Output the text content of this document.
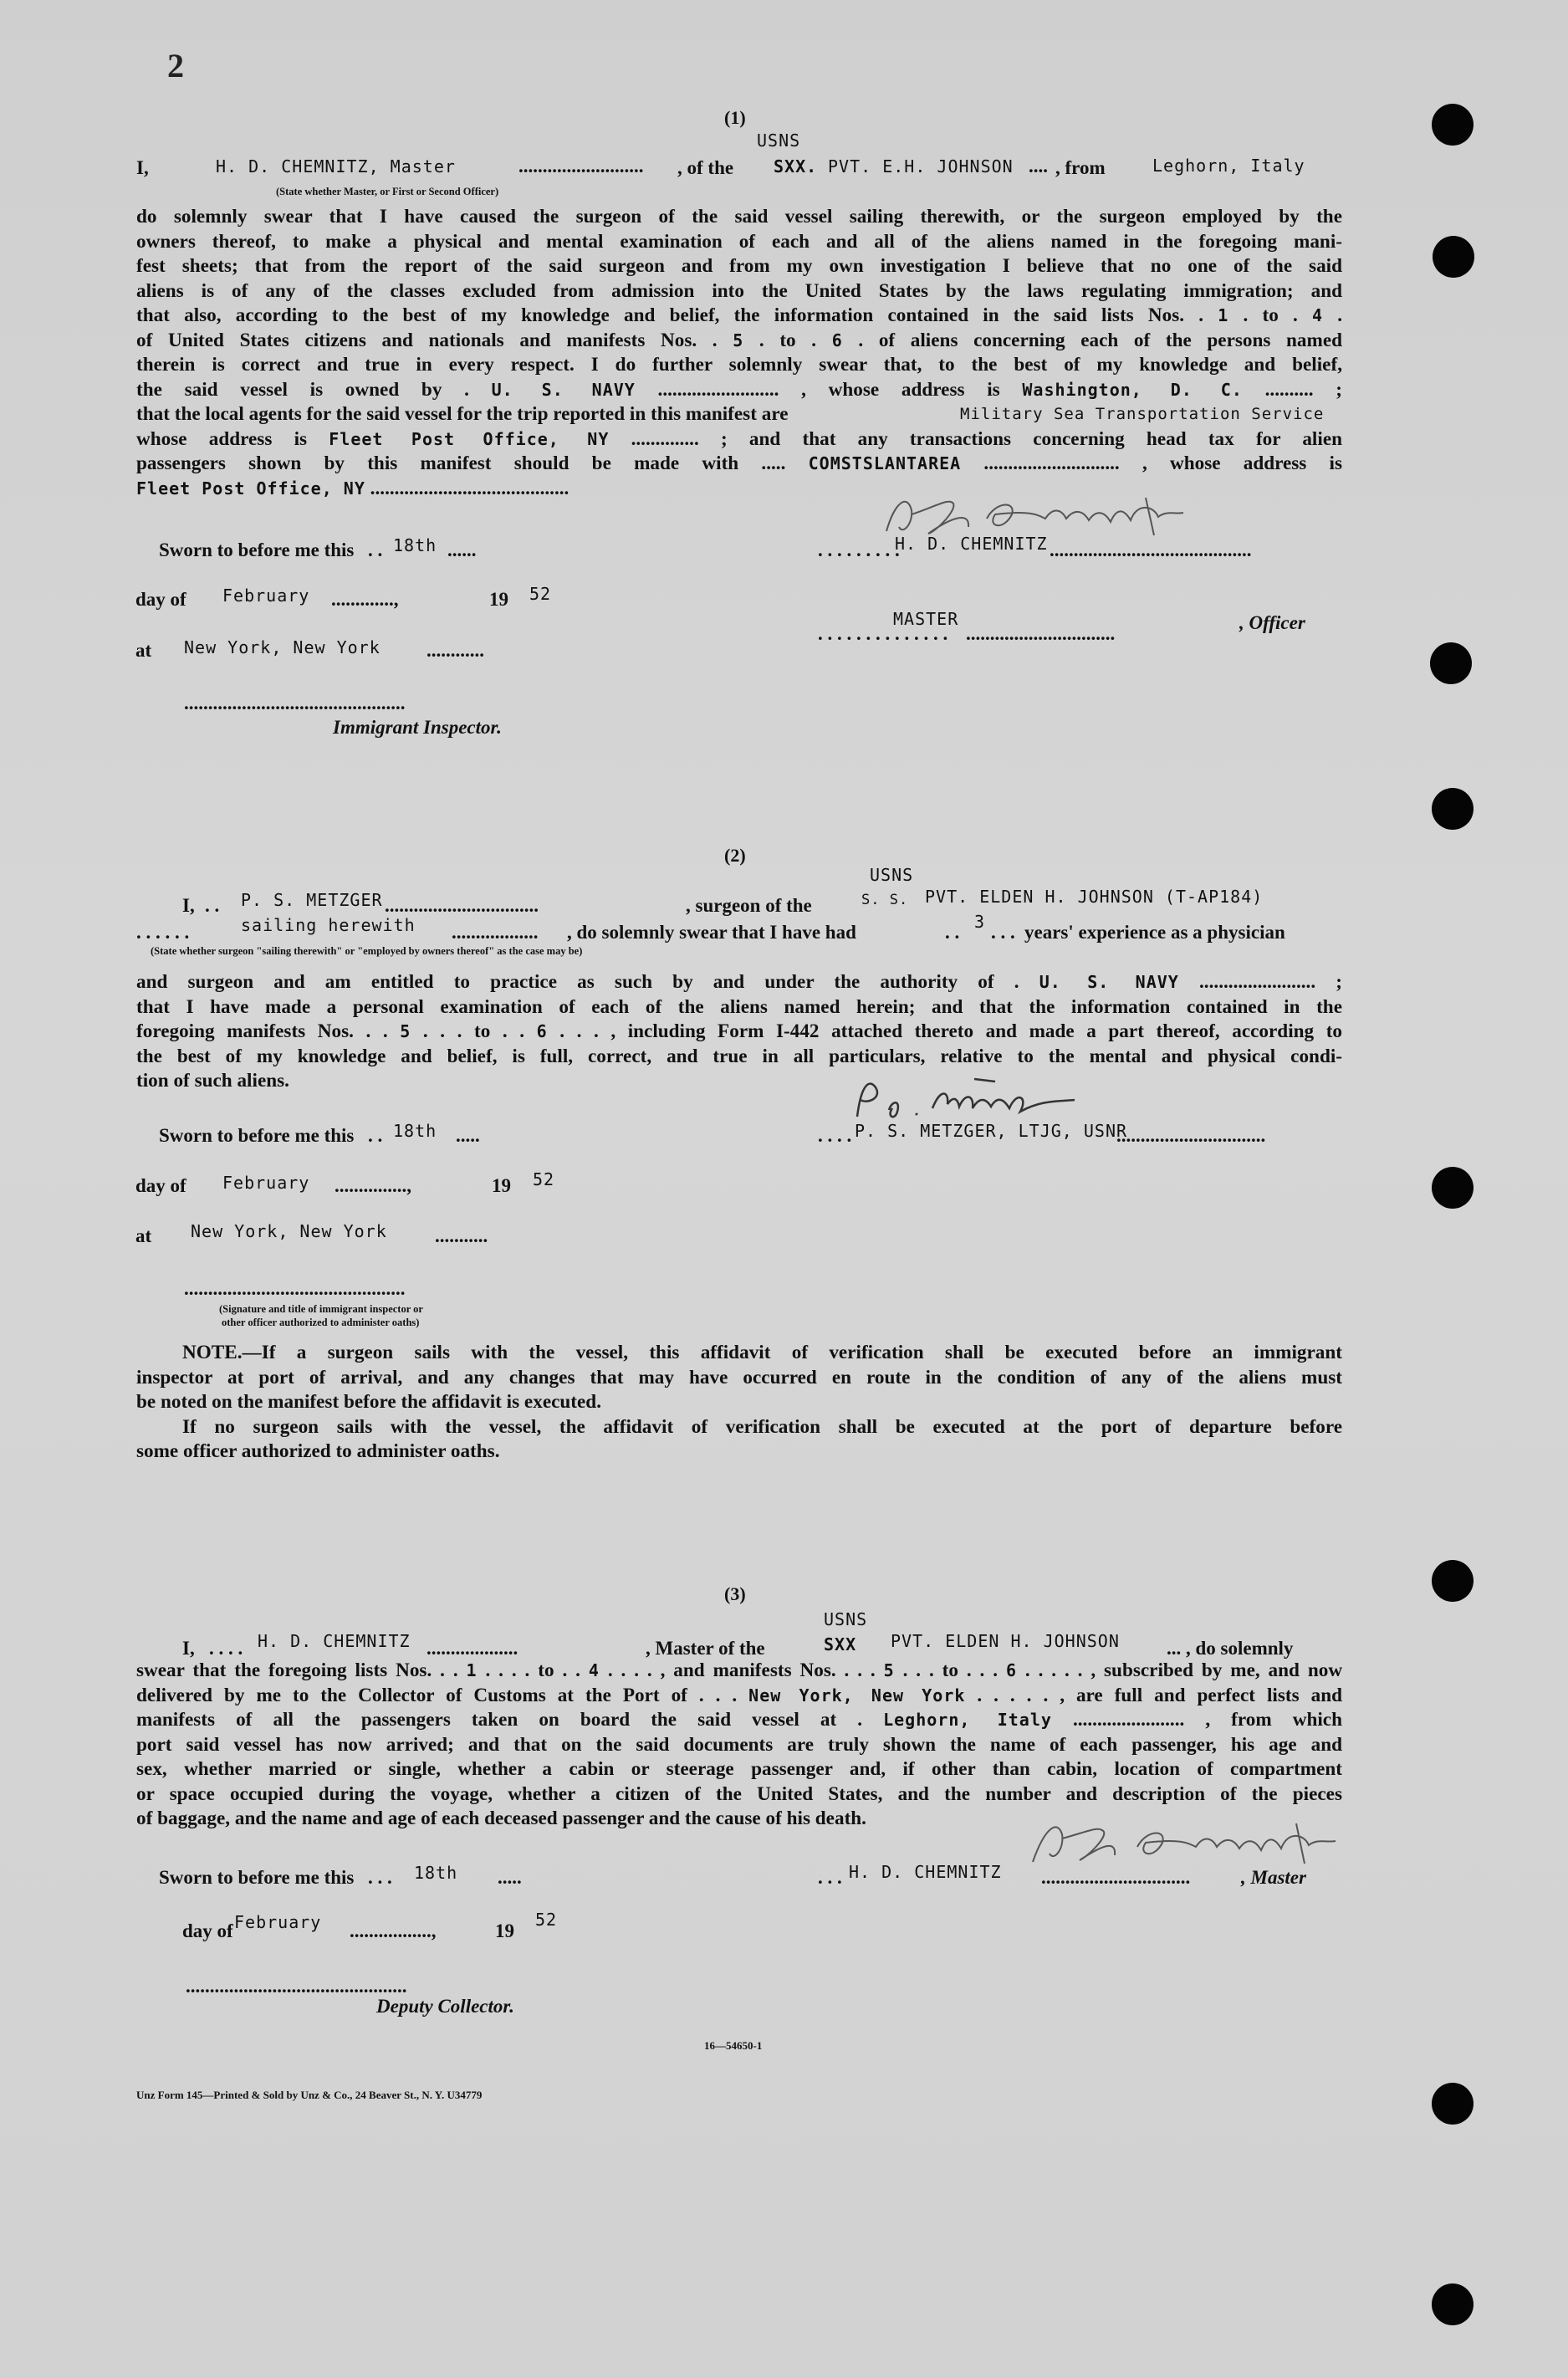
2
(1)
USNS
I,	H. D. CHEMNITZ, Master	.......................... , of the SXX. PVT. E.H. JOHNSON .... , from	Leghorn, Italy
(State whether Master, or First or Second Officer)
do solemnly swear that I have caused the surgeon of the said vessel sailing therewith, or the surgeon employed by the
owners thereof, to make a physical and mental examination of each and all of the aliens named in the foregoing mani-
fest sheets; that from the report of the said surgeon and from my own investigation I believe that no one of the said
aliens is of any of the classes excluded from admission into the United States by the laws regulating immigration; and
that also, according to the best of my knowledge and belief, the information contained in the said lists Nos. . 1 . to . 4 .
of United States citizens and nationals and manifests Nos. . 5 . to . 6 . of aliens concerning each of the persons named
therein is correct and true in every respect. I do further solemnly swear that, to the best of my knowledge and belief,
the said vessel is owned by . U. S. NAVY ......................... , whose address is Washington, D. C. .......... ;
that the local agents for the said vessel for the trip reported in this manifest are
whose address is Fleet Post Office, NY .............. ; and that any transactions concerning head tax for alien
passengers shown by this manifest should be made with ..... COMSTSLANTAREA ............................ , whose address is
Fleet Post Office, NY .........................................
Military Sea Transportation Service
Sworn to before me this . . 18th ......	. . . . . . . . .
H. D. CHEMNITZ ..........................................
day of February .............,	19 52
. . . . . . . . . . . . . .
MASTER
...............................
, Officer
at New York, New York ............
..............................................
Immigrant Inspector.
(2)
USNS
I, . . P. S. METZGER ................................	, surgeon of the	S. S. PVT. ELDEN H. JOHNSON (T-AP184)
. . . . . .	sailing herewith .................. , do solemnly swear that I have had	. . 3 . . . years' experience as a physician
(State whether surgeon "sailing therewith" or "employed by owners thereof" as the case may be)
and surgeon and am entitled to practice as such by and under the authority of . U. S. NAVY ........................ ;
that I have made a personal examination of each of the aliens named herein; and that the information contained in the
foregoing manifests Nos. . . 5 . . . to . . 6 . . . , including Form I-442 attached thereto and made a part thereof, according to
the best of my knowledge and belief, is full, correct, and true in all particulars, relative to the mental and physical condi-
tion of such aliens.
Sworn to before me this . . 18th .....	. . . . P. S. METZGER, LTJG, USNR
...............................
day of February ...............,	19 52
at New York, New York ...........
..............................................
(Signature and title of immigrant inspector or
other officer authorized to administer oaths)
NOTE.—If a surgeon sails with the vessel, this affidavit of verification shall be executed before an immigrant
inspector at port of arrival, and any changes that may have occurred en route in the condition of any of the aliens must
be noted on the manifest before the affidavit is executed.
If no surgeon sails with the vessel, the affidavit of verification shall be executed at the port of departure before
some officer authorized to administer oaths.
(3)
USNS
I, . . . . H. D. CHEMNITZ ...................	, Master of the	SXX PVT. ELDEN H. JOHNSON ... , do solemnly
swear that the foregoing lists Nos. . . 1 . . . . to . . 4 . . . . , and manifests Nos. . . . 5 . . . to . . . 6 . . . . . , subscribed by me, and now
delivered by me to the Collector of Customs at the Port of . . . New York, New York . . . . . , are full and perfect lists and
manifests of all the passengers taken on board the said vessel at . Leghorn, Italy ....................... , from which
port said vessel has now arrived; and that on the said documents are truly shown the name of each passenger, his age and
sex, whether married or single, whether a cabin or steerage passenger and, if other than cabin, location of compartment
or space occupied during the voyage, whether a citizen of the United States, and the number and description of the pieces
of baggage, and the name and age of each deceased passenger and the cause of his death.
Sworn to before me this . . . 18th .....	. . . H. D. CHEMNITZ ...............................	, Master
day of February .................,	19
52
..............................................
Deputy Collector.
16—54650-1
Unz Form 145—Printed & Sold by Unz & Co., 24 Beaver St., N. Y. U34779
